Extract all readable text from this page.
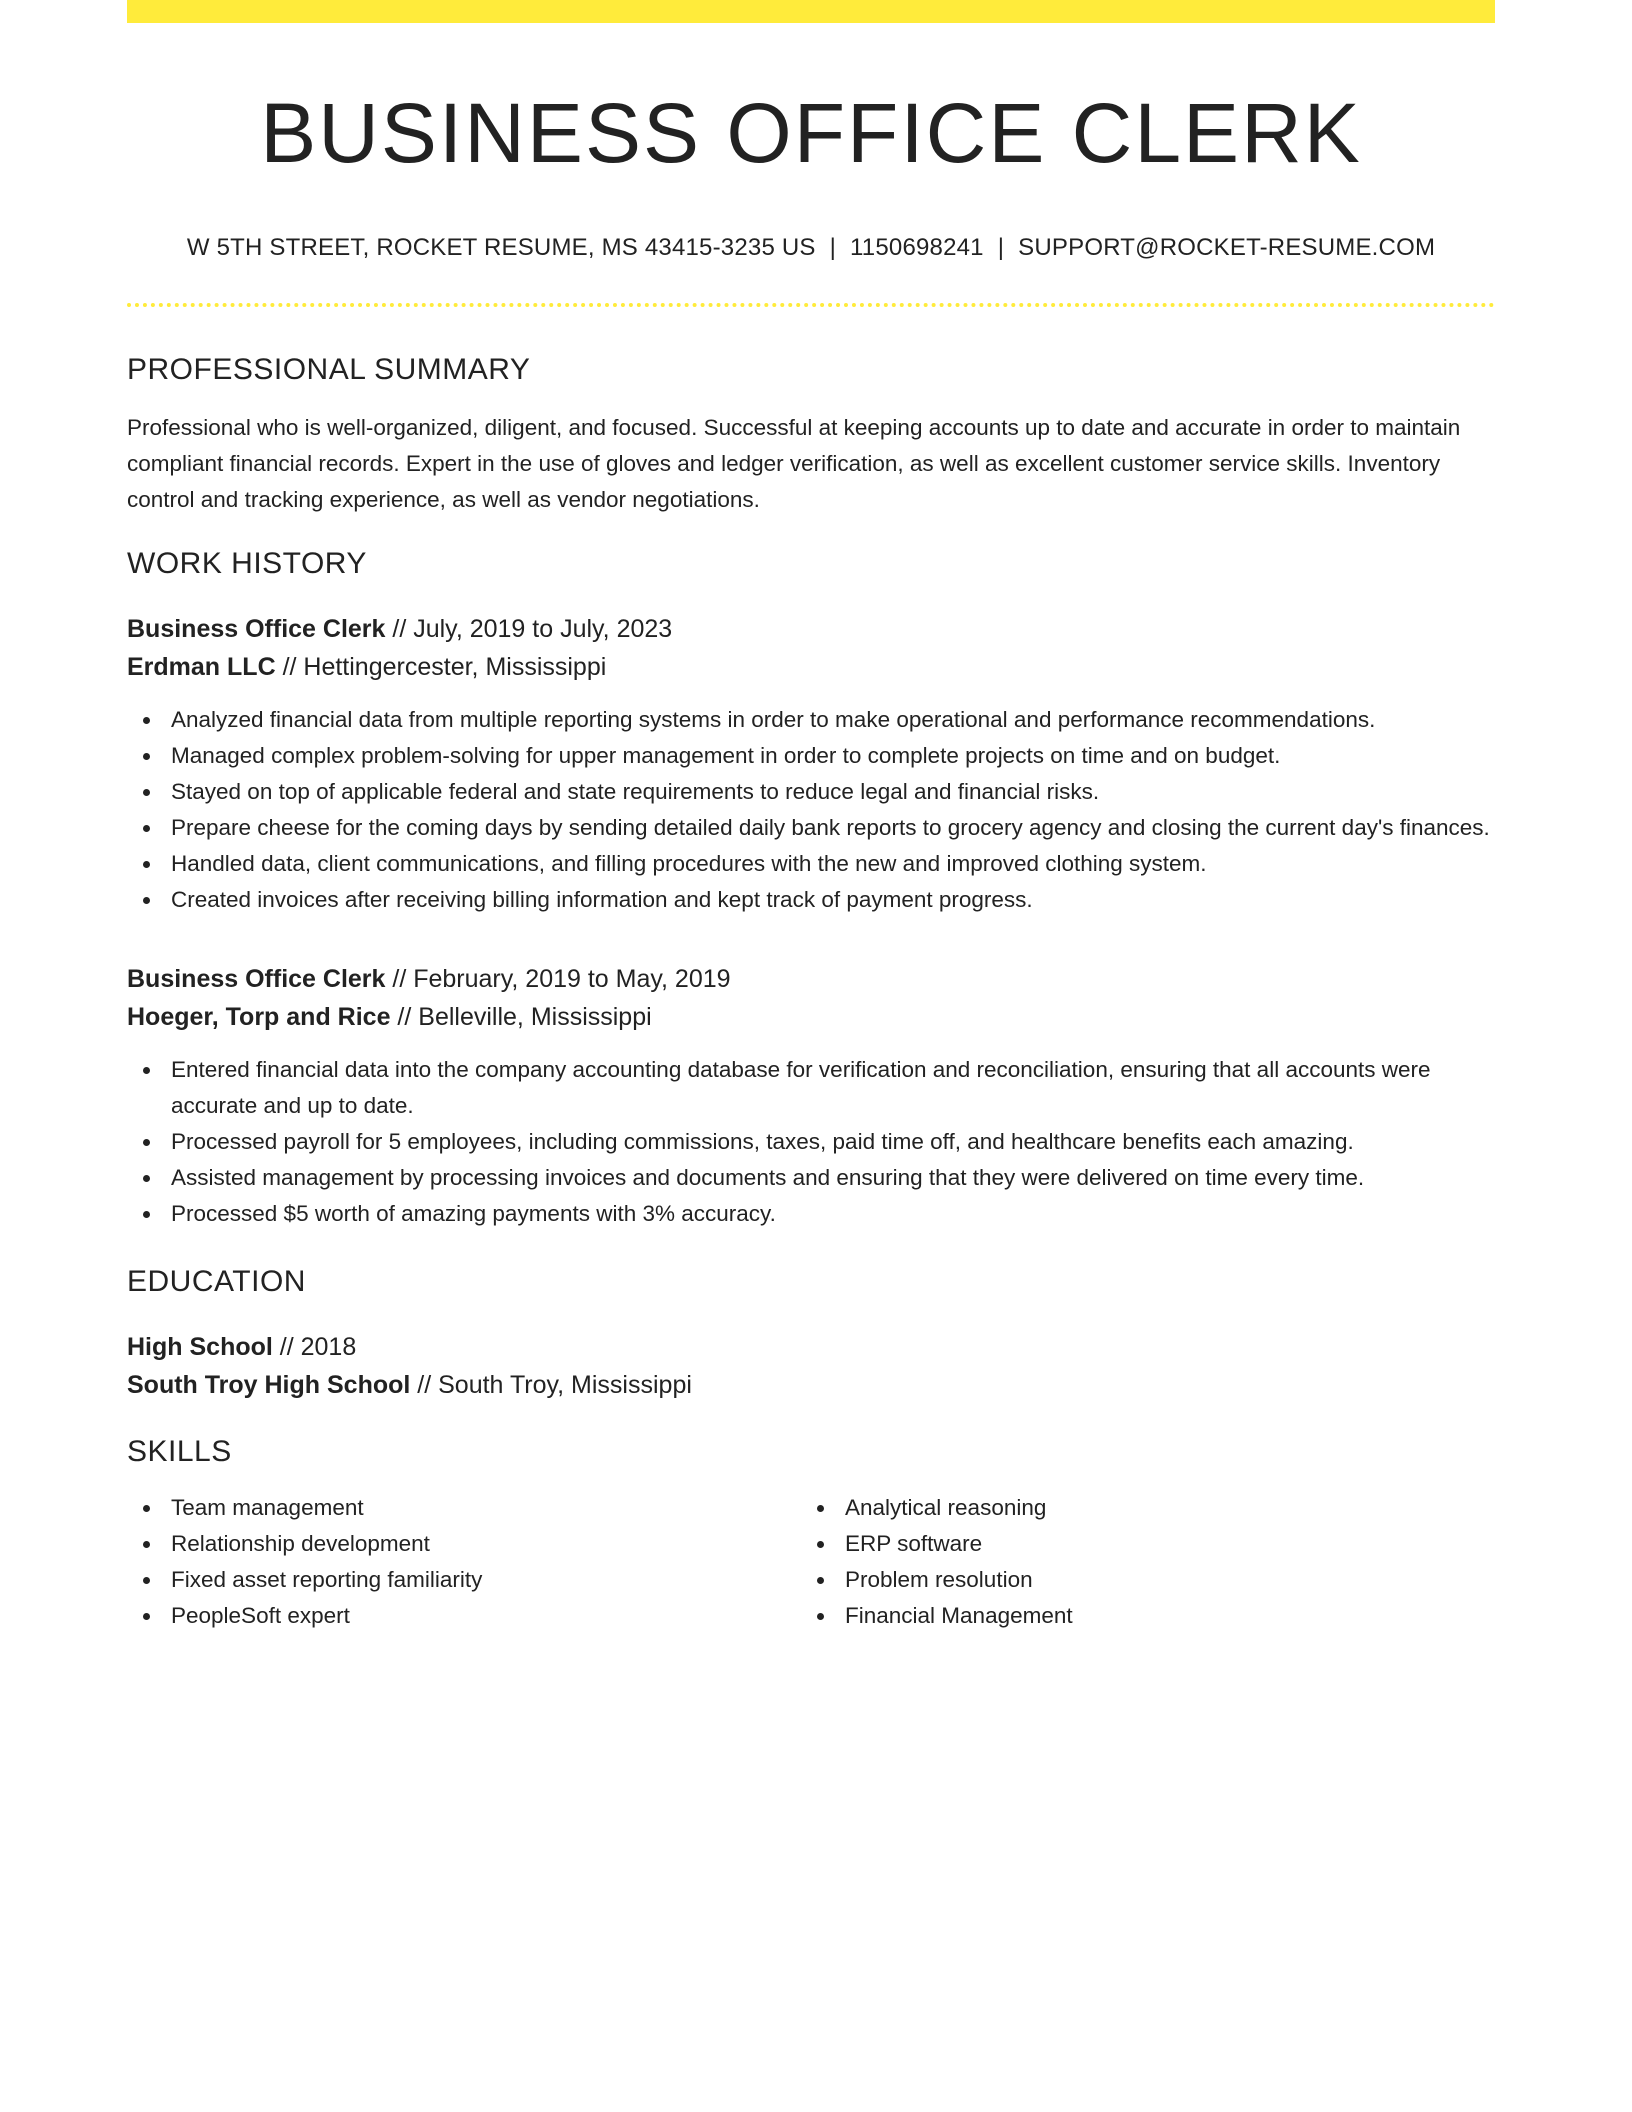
BUSINESS OFFICE CLERK
W 5TH STREET, ROCKET RESUME, MS 43415-3235 US | 1150698241 | SUPPORT@ROCKET-RESUME.COM
PROFESSIONAL SUMMARY
Professional who is well-organized, diligent, and focused. Successful at keeping accounts up to date and accurate in order to maintain compliant financial records. Expert in the use of gloves and ledger verification, as well as excellent customer service skills. Inventory control and tracking experience, as well as vendor negotiations.
WORK HISTORY
Business Office Clerk // July, 2019 to July, 2023
Erdman LLC // Hettingercester, Mississippi
Analyzed financial data from multiple reporting systems in order to make operational and performance recommendations.
Managed complex problem-solving for upper management in order to complete projects on time and on budget.
Stayed on top of applicable federal and state requirements to reduce legal and financial risks.
Prepare cheese for the coming days by sending detailed daily bank reports to grocery agency and closing the current day's finances.
Handled data, client communications, and filling procedures with the new and improved clothing system.
Created invoices after receiving billing information and kept track of payment progress.
Business Office Clerk // February, 2019 to May, 2019
Hoeger, Torp and Rice // Belleville, Mississippi
Entered financial data into the company accounting database for verification and reconciliation, ensuring that all accounts were accurate and up to date.
Processed payroll for 5 employees, including commissions, taxes, paid time off, and healthcare benefits each amazing.
Assisted management by processing invoices and documents and ensuring that they were delivered on time every time.
Processed $5 worth of amazing payments with 3% accuracy.
EDUCATION
High School // 2018
South Troy High School // South Troy, Mississippi
SKILLS
Team management
Relationship development
Fixed asset reporting familiarity
PeopleSoft expert
Analytical reasoning
ERP software
Problem resolution
Financial Management
